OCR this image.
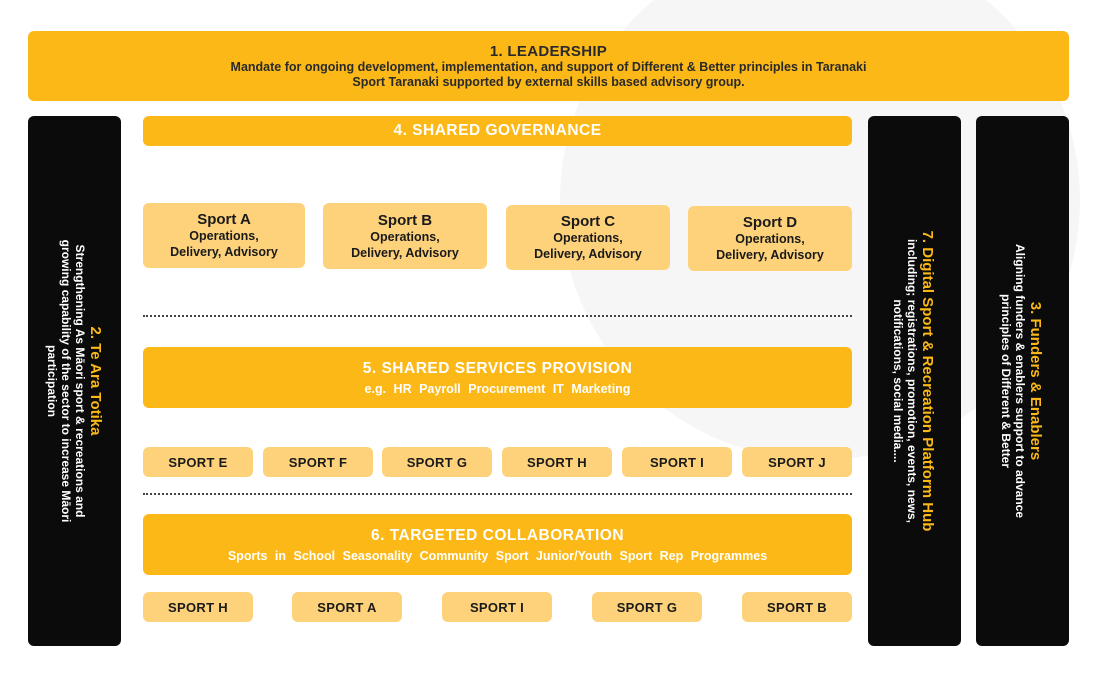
1. LEADERSHIP
Mandate for ongoing development, implementation, and support of Different & Better principles in Taranaki
Sport Taranaki supported by external skills based advisory group.
2. Te Ara Totika
Strengthening As Māori sport & recreations and
growing capability of the sector to increase Māori
participation	7. Digital Sport & Recreation Platform Hub
including; registrations, promotion, events, news,
notifications, social media....	3. Funders & Enablers
Aligning funders & enablers support to advance
principles of Different & Better
4. SHARED GOVERNANCE
Sport A
Operations,
Delivery, Advisory
Sport B
Operations,
Delivery, Advisory
Sport C
Operations,
Delivery, Advisory
Sport D
Operations,
Delivery, Advisory
5. SHARED SERVICES PROVISION
e.g. HR Payroll Procurement IT Marketing
SPORT E	SPORT F	SPORT G	SPORT H	SPORT I	SPORT J
6. TARGETED COLLABORATION
Sports in School Seasonality Community Sport Junior/Youth Sport Rep Programmes
SPORT H	SPORT A	SPORT I	SPORT G	SPORT B
